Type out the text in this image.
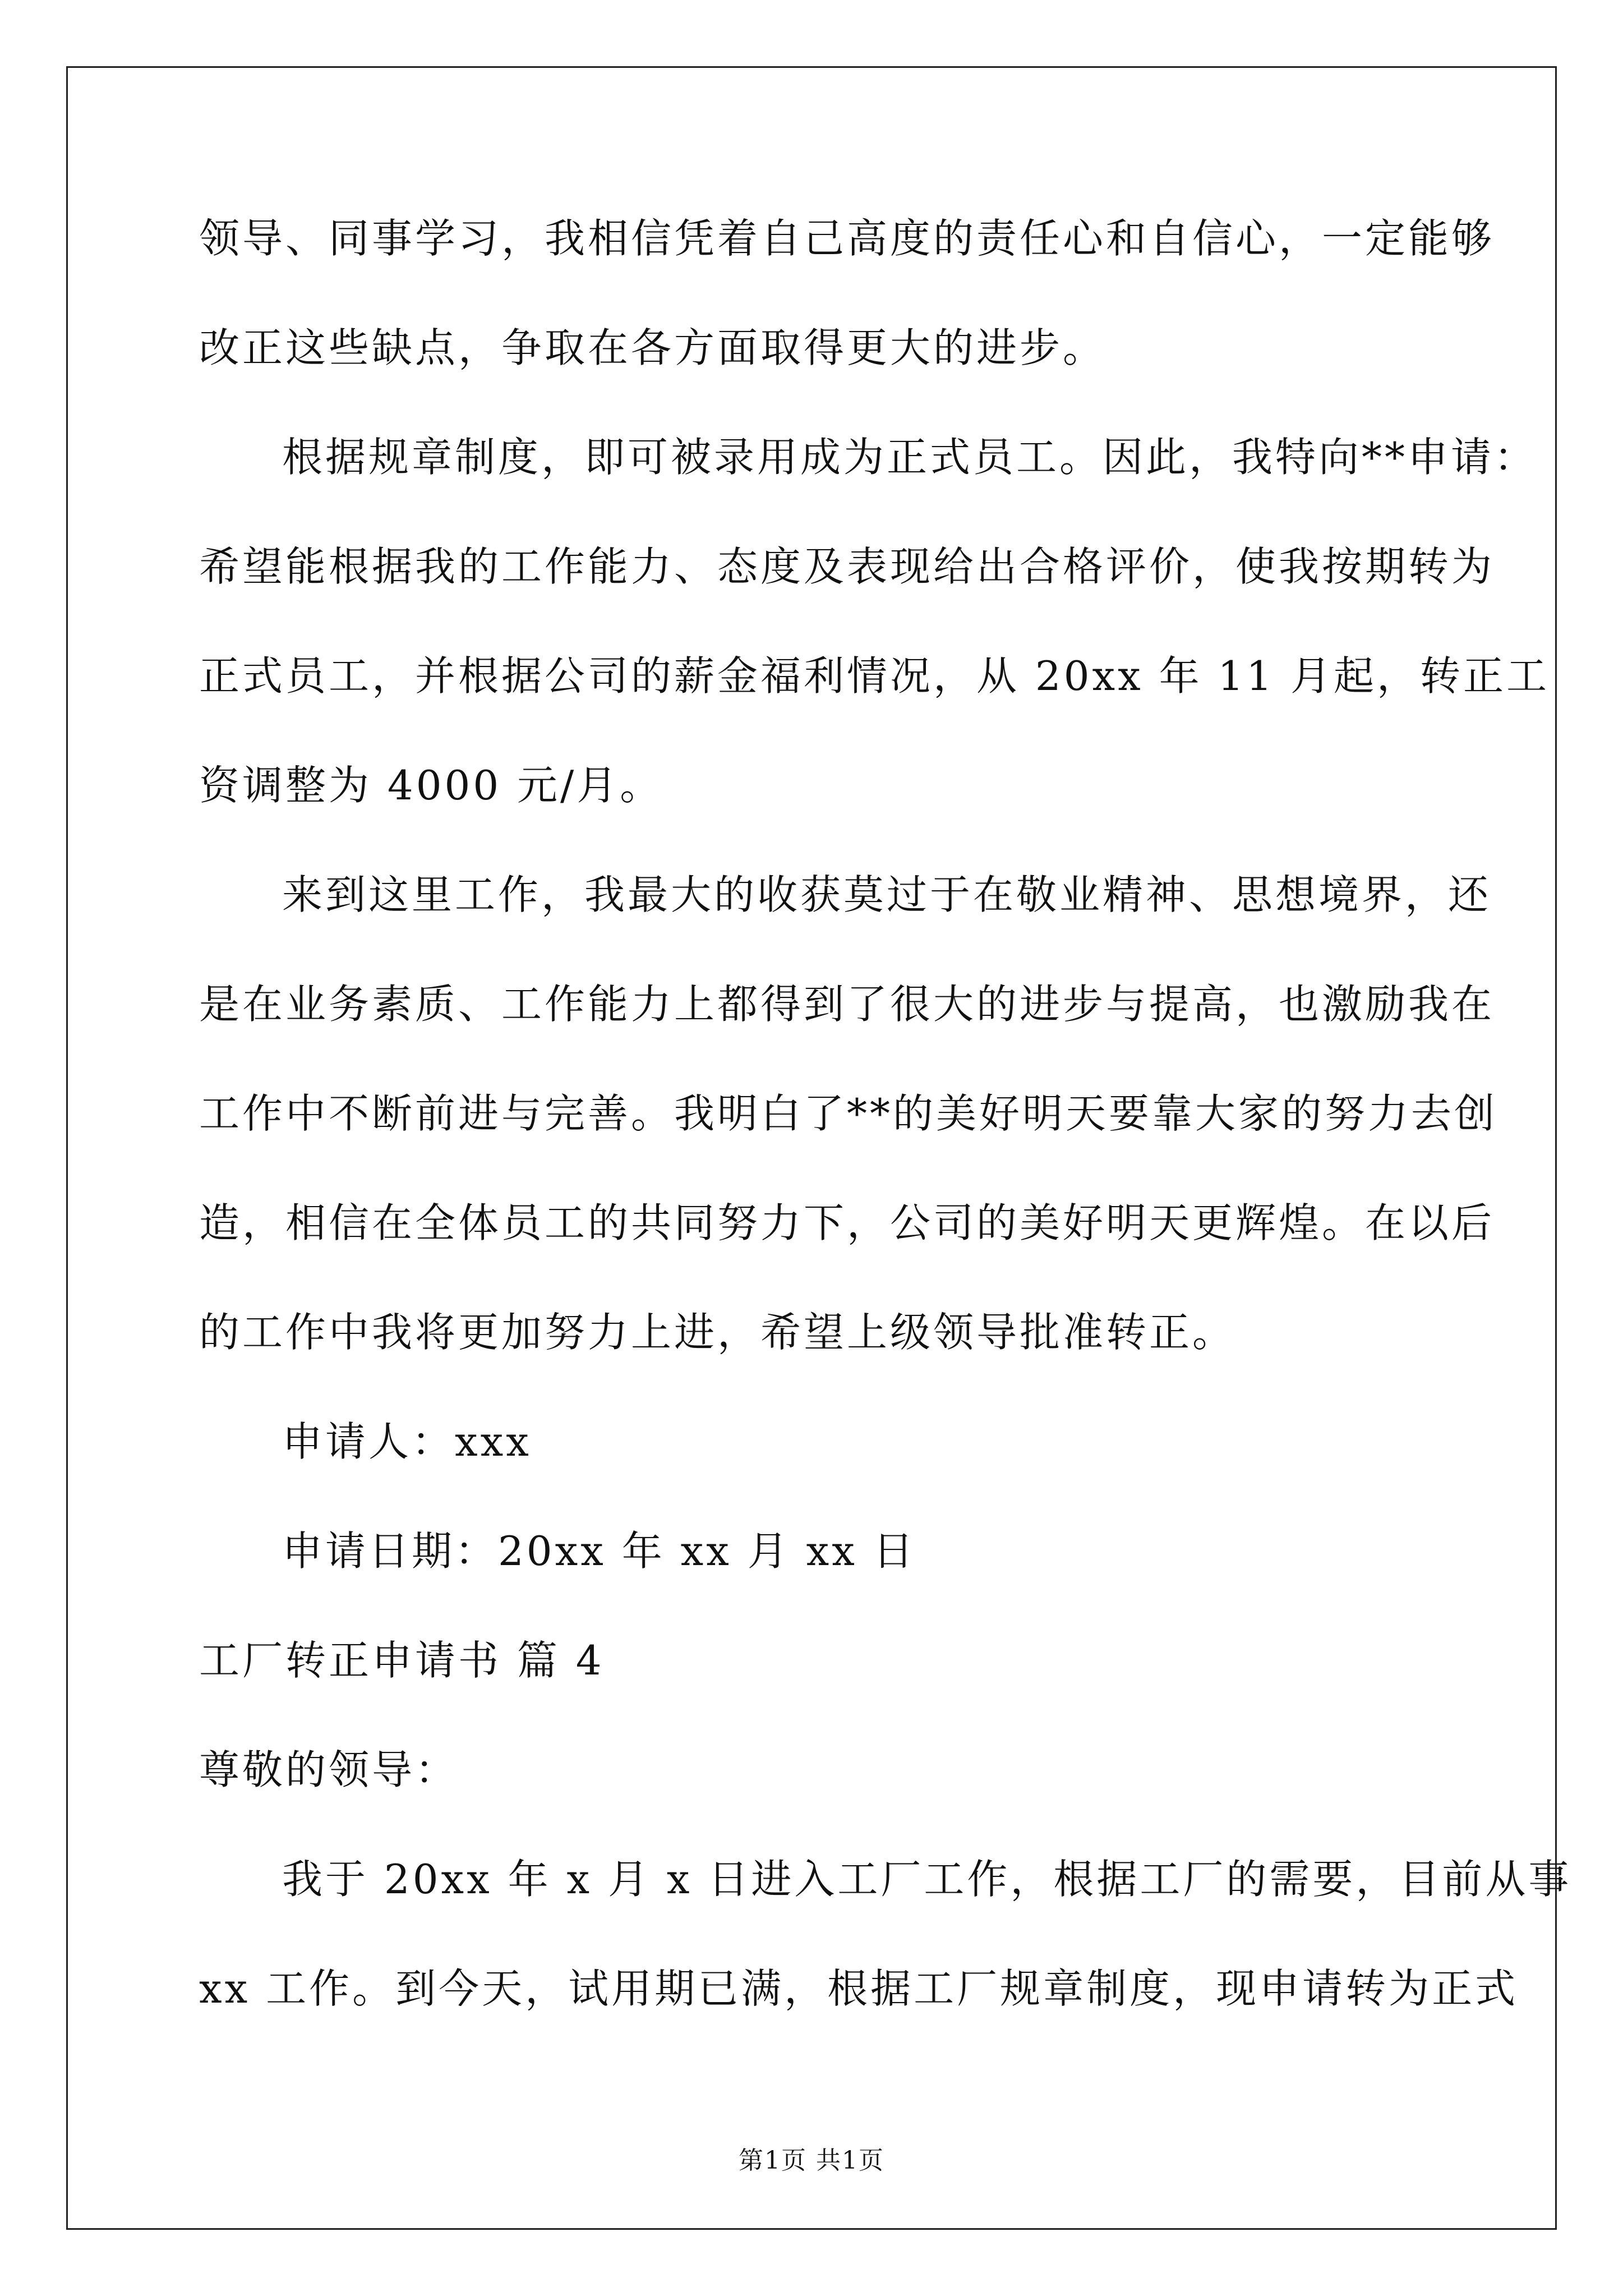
领导、同事学习，我相信凭着自己高度的责任心和自信心，一定能够
改正这些缺点，争取在各方面取得更大的进步。
根据规章制度，即可被录用成为正式员工。因此，我特向**申请：
希望能根据我的工作能力、态度及表现给出合格评价，使我按期转为
正式员工，并根据公司的薪金福利情况，从 20xx 年 11 月起，转正工
资调整为 4000 元/月。
来到这里工作，我最大的收获莫过于在敬业精神、思想境界，还
是在业务素质、工作能力上都得到了很大的进步与提高，也激励我在
工作中不断前进与完善。我明白了**的美好明天要靠大家的努力去创
造，相信在全体员工的共同努力下，公司的美好明天更辉煌。在以后
的工作中我将更加努力上进，希望上级领导批准转正。
申请人：xxx
申请日期：20xx 年 xx 月 xx 日
工厂转正申请书 篇 4
尊敬的领导：
我于 20xx 年 x 月 x 日进入工厂工作，根据工厂的需要，目前从事
xx 工作。到今天，试用期已满，根据工厂规章制度，现申请转为正式
第1页 共1页
